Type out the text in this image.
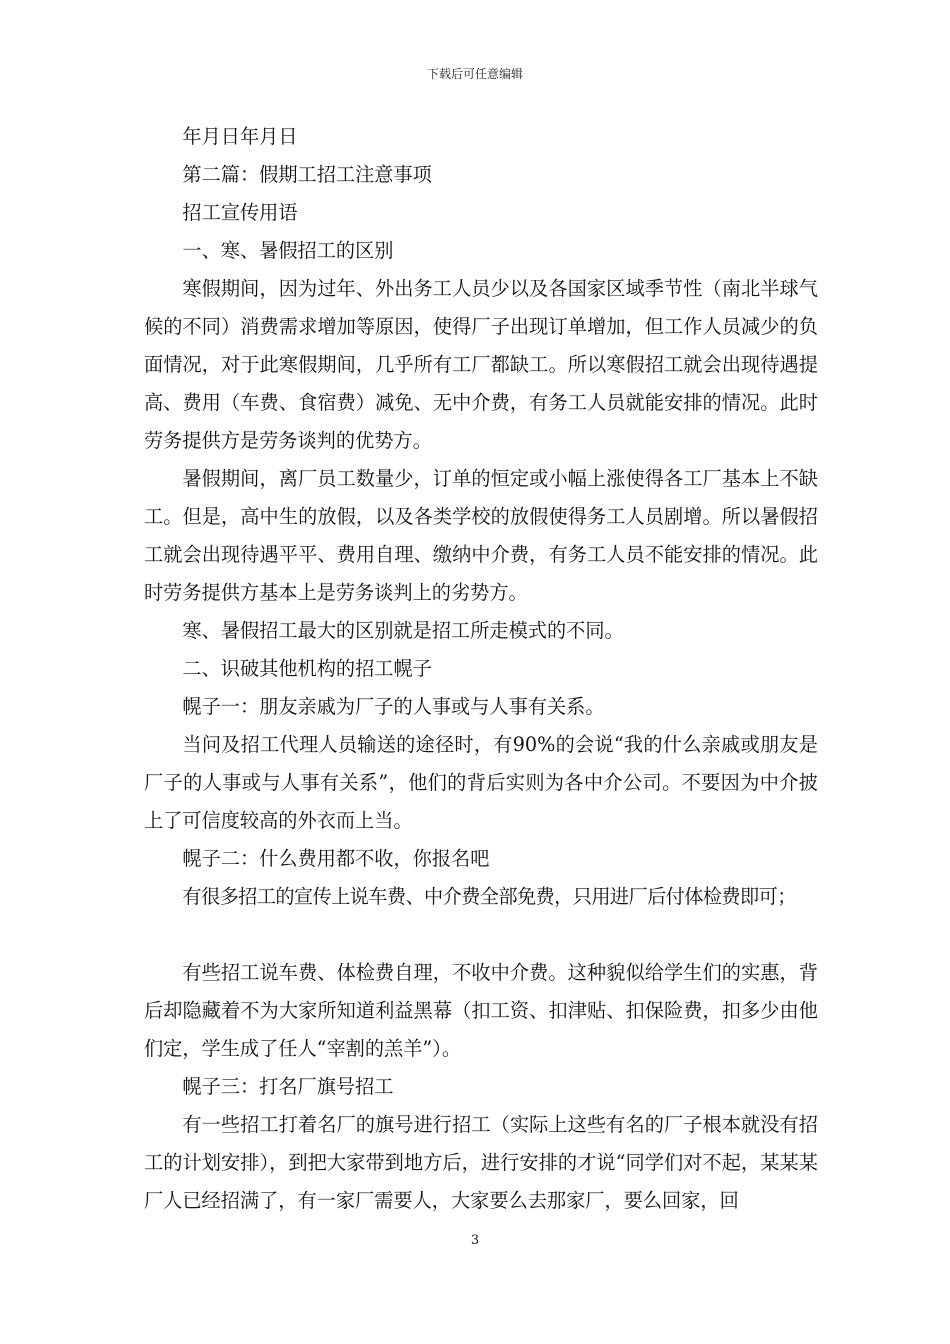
下载后可任意编辑

年月日年月日

第二篇：假期工招工注意事项

招工宣传用语

一、寒、暑假招工的区别

寒假期间，因为过年、外出务工人员少以及各国家区域季节性（南北半球气候的不同）消费需求增加等原因，使得厂子出现订单增加，但工作人员减少的负面情况，对于此寒假期间，几乎所有工厂都缺工。所以寒假招工就会出现待遇提高、费用（车费、食宿费）减免、无中介费，有务工人员就能安排的情况。此时劳务提供方是劳务谈判的优势方。

暑假期间，离厂员工数量少，订单的恒定或小幅上涨使得各工厂基本上不缺工。但是，高中生的放假，以及各类学校的放假使得务工人员剧增。所以暑假招工就会出现待遇平平、费用自理、缴纳中介费，有务工人员不能安排的情况。此时劳务提供方基本上是劳务谈判上的劣势方。

寒、暑假招工最大的区别就是招工所走模式的不同。

二、识破其他机构的招工幌子

幌子一：朋友亲戚为厂子的人事或与人事有关系。

当问及招工代理人员输送的途径时，有90%的会说“我的什么亲戚或朋友是厂子的人事或与人事有关系”，他们的背后实则为各中介公司。不要因为中介披上了可信度较高的外衣而上当。

幌子二：什么费用都不收，你报名吧

有很多招工的宣传上说车费、中介费全部免费，只用进厂后付体检费即可；

有些招工说车费、体检费自理，不收中介费。这种貌似给学生们的实惠，背后却隐藏着不为大家所知道利益黑幕（扣工资、扣津贴、扣保险费，扣多少由他们定，学生成了任人“宰割的羔羊”）。

幌子三：打名厂旗号招工

有一些招工打着名厂的旗号进行招工（实际上这些有名的厂子根本就没有招工的计划安排），到把大家带到地方后，进行安排的才说“同学们对不起，某某某厂人已经招满了，有一家厂需要人，大家要么去那家厂，要么回家，回

3
